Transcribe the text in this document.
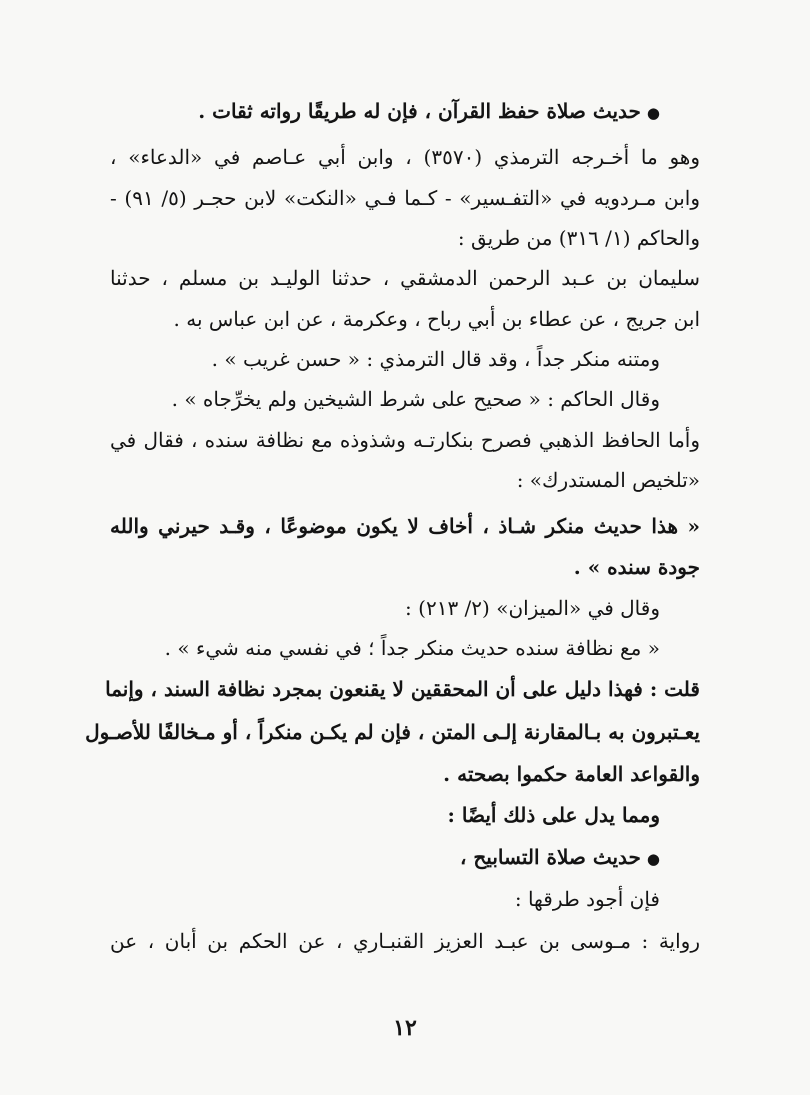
●حديث صلاة حفظ القرآن ، فإن له طريقًا رواته ثقات .

وهو ما أخـرجه الترمذي (٣٥٧٠) ، وابن أبي عـاصم في «الدعاء» ،

وابن مـردويه في «التفـسير» - كـما فـي «النكت» لابن حجـر (٥/ ٩١) -

والحاكم (١/ ٣١٦) من طريق :

سليمان بن عـبد الرحمن الدمشقي ، حدثنا الوليـد بن مسلم ، حدثنا

ابن جريج ، عن عطاء بن أبي رباح ، وعكرمة ، عن ابن عباس به .

ومتنه منكر جداً ، وقد قال الترمذي : « حسن غريب » .

وقال الحاكم : « صحيح على شرط الشيخين ولم يخرِّجاه » .

وأما الحافظ الذهبي فصرح بنكارتـه وشذوذه مع نظافة سنده ، فقال في

«تلخيص المستدرك» :

« هذا حديث منكر شـاذ ، أخاف لا يكون موضوعًا ، وقـد حيرني والله

جودة سنده » .

وقال في «الميزان» (٢/ ٢١٣) :

« مع نظافة سنده حديث منكر جداً ؛ في نفسي منه شيء » .

قلت : فهذا دليل على أن المحققين لا يقنعون بمجرد نظافة السند ، وإنما

يعـتبرون به بـالمقارنة إلـى المتن ، فإن لم يكـن منكراً ، أو مـخالفًا للأصـول

والقواعد العامة حكموا بصحته .

ومما يدل على ذلك أيضًا :

●حديث صلاة التسابيح ،

فإن أجود طرقها :

رواية : مـوسى بن عبـد العزيز القنبـاري ، عن الحكم بن أبان ، عن

١٢
